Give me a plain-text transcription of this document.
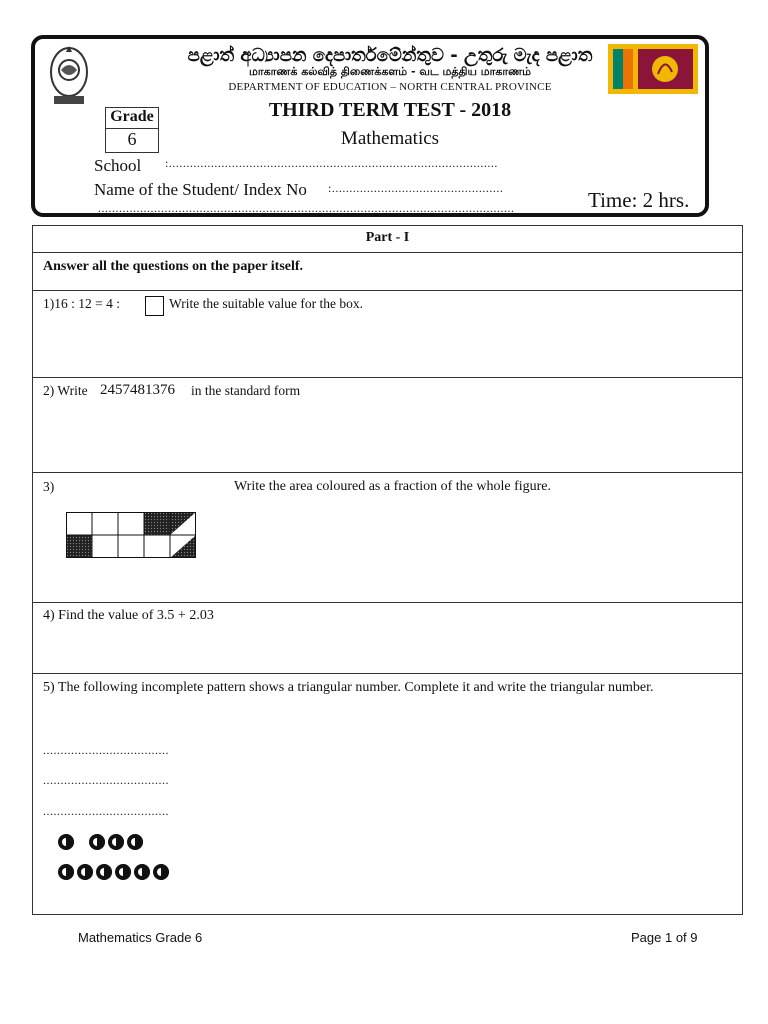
පළාත් අධ්‍යාපන දෙපාර්තමේන්තුව - උතුරු මැද පළාත
மாகாணக் கல்வித் திணைக்களம் - வட மத்திய மாகாணம்
DEPARTMENT OF EDUCATION – NORTH CENTRAL PROVINCE
THIRD TERM TEST - 2018
Mathematics
Grade
6
School :..............................................................................................
Name of the Student/ Index No :.................................................
.......................................................................................................................	Time: 2 hrs.
Part - I
Answer all the questions on the paper itself.
1)16 : 12 = 4 :	Write the suitable value for the box.
2) Write 2457481376 in the standard form
3)	Write the area coloured as a fraction of the whole figure.
4) Find the value of 3.5 + 2.03
5) The following incomplete pattern shows a triangular number. Complete it and write the triangular number.
....................................
....................................
....................................
Mathematics Grade 6	Page 1 of 9
